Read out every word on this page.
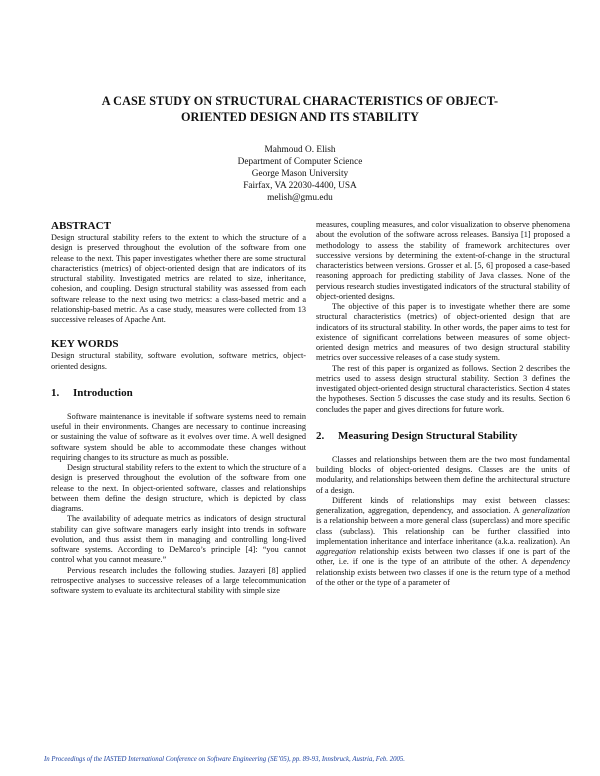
A CASE STUDY ON STRUCTURAL CHARACTERISTICS OF OBJECT-
ORIENTED DESIGN AND ITS STABILITY
Mahmoud O. Elish
Department of Computer Science
George Mason University
Fairfax, VA 22030-4400, USA
melish@gmu.edu
ABSTRACT

Design structural stability refers to the extent to which the structure of a design is preserved throughout the evolution of the software from one release to the next. This paper investigates whether there are some structural characteristics (metrics) of object-oriented design that are indicators of its structural stability. Investigated metrics are related to size, inheritance, cohesion, and coupling. Design structural stability was assessed from each software release to the next using two metrics: a class-based metric and a relationship-based metric. As a case study, measures were collected from 13 successive releases of Apache Ant.

KEY WORDS

Design structural stability, software evolution, software metrics, object-oriented designs.

1. Introduction

Software maintenance is inevitable if software systems need to remain useful in their environments. Changes are necessary to continue increasing or sustaining the value of software as it evolves over time. A well designed software system should be able to accommodate these changes without requiring changes to its structure as much as possible.

Design structural stability refers to the extent to which the structure of a design is preserved throughout the evolution of the software from one release to the next. In object-oriented software, classes and relationships between them define the design structure, which is depicted by class diagrams.

The availability of adequate metrics as indicators of design structural stability can give software managers early insight into trends in software evolution, and thus assist them in managing and controlling long-lived software systems. According to DeMarco’s principle [4]: “you cannot control what you cannot measure.”

Pervious research includes the following studies. Jazayeri [8] applied retrospective analyses to successive releases of a large telecommunication software system to evaluate its architectural stability with simple size

measures, coupling measures, and color visualization to observe phenomena about the evolution of the software across releases. Bansiya [1] proposed a methodology to assess the stability of framework architectures over successive versions by determining the extent-of-change in the structural characteristics between versions. Grosser et al. [5, 6] proposed a case-based reasoning approach for predicting stability of Java classes. None of the pervious research studies investigated indicators of the structural stability of object-oriented designs.

The objective of this paper is to investigate whether there are some structural characteristics (metrics) of object-oriented design that are indicators of its structural stability. In other words, the paper aims to test for existence of significant correlations between measures of some object-oriented design metrics and measures of two design structural stability metrics over successive releases of a case study system.

The rest of this paper is organized as follows. Section 2 describes the metrics used to assess design structural stability. Section 3 defines the investigated object-oriented design structural characteristics. Section 4 states the hypotheses. Section 5 discusses the case study and its results. Section 6 concludes the paper and gives directions for future work.

2. Measuring Design Structural Stability

Classes and relationships between them are the two most fundamental building blocks of object-oriented designs. Classes are the units of modularity, and relationships between them define the architectural structure of a design.

Different kinds of relationships may exist between classes: generalization, aggregation, dependency, and association. A generalization is a relationship between a more general class (superclass) and more specific class (subclass). This relationship can be further classified into implementation inheritance and interface inheritance (a.k.a. realization). An aggregation relationship exists between two classes if one is part of the other, i.e. if one is the type of an attribute of the other. A dependency relationship exists between two classes if one is the return type of a method of the other or the type of a parameter of

In Proceedings of the IASTED International Conference on Software Engineering (SE’05), pp. 89-93, Innsbruck, Austria, Feb. 2005.
